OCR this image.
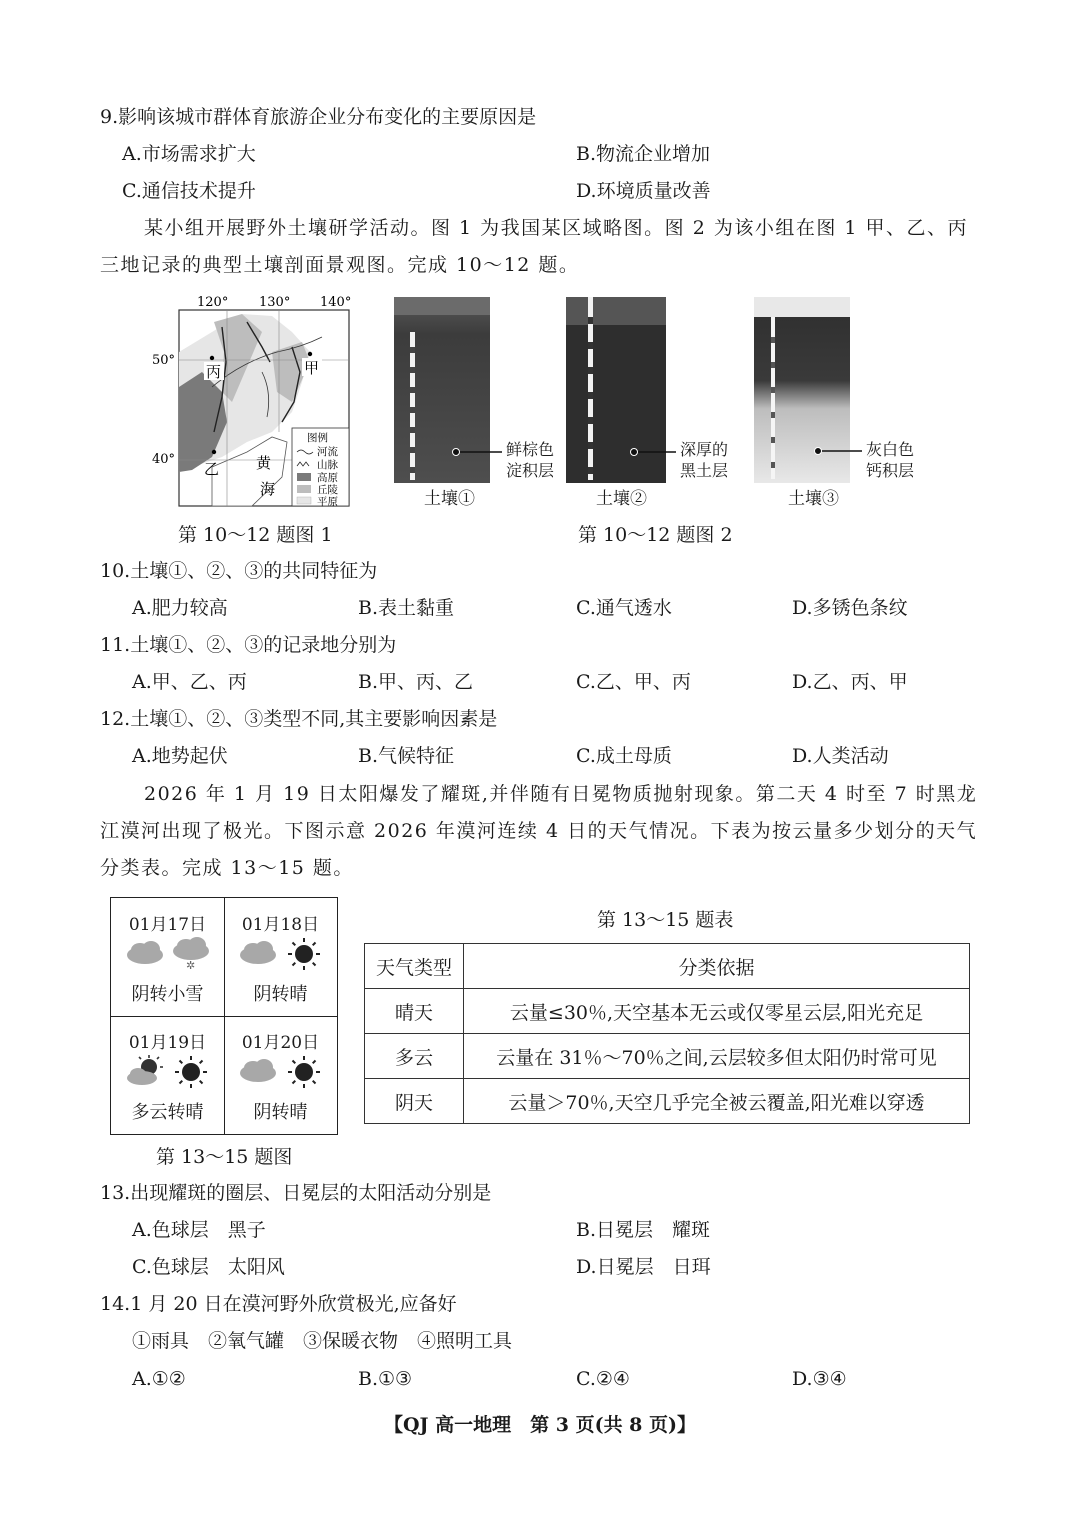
9.影响该城市群体育旅游企业分布变化的主要原因是
A.市场需求扩大	B.物流企业增加
C.通信技术提升	D.环境质量改善
某小组开展野外土壤研学活动。图 1 为我国某区域略图。图 2 为该小组在图 1 甲、乙、丙三地记录的典型土壤剖面景观图。完成 10～12 题。
120° 130° 140°
50°
40°
丙	甲
乙 黄
海
图例
河流
山脉
高原
丘陵
平原
第 10～12 题图 1
鲜棕色
淀积层
深厚的
黑土层
灰白色
钙积层
土壤①	土壤②	土壤③
第 10～12 题图 2
10.土壤①、②、③的共同特征为
A.肥力较高	B.表土黏重	C.通气透水	D.多锈色条纹
11.土壤①、②、③的记录地分别为
A.甲、乙、丙	B.甲、丙、乙	C.乙、甲、丙	D.乙、丙、甲
12.土壤①、②、③类型不同,其主要影响因素是
A.地势起伏	B.气候特征	C.成土母质	D.人类活动
2026 年 1 月 19 日太阳爆发了耀斑,并伴随有日冕物质抛射现象。第二天 4 时至 7 时黑龙江漠河出现了极光。下图示意 2026 年漠河连续 4 日的天气情况。下表为按云量多少划分的天气分类表。完成 13～15 题。
01月17日
✲
阴转小雪
01月18日
阴转晴
01月19日
多云转晴
01月20日
阴转晴
第 13～15 题图
第 13～15 题表
天气类型	分类依据
晴天	云量≤30％,天空基本无云或仅零星云层,阳光充足
多云	云量在 31％～70％之间,云层较多但太阳仍时常可见
阴天	云量＞70％,天空几乎完全被云覆盖,阳光难以穿透
13.出现耀斑的圈层、日冕层的太阳活动分别是
A.色球层　黑子	B.日冕层　耀斑
C.色球层　太阳风	D.日冕层　日珥
14.1 月 20 日在漠河野外欣赏极光,应备好
①雨具　②氧气罐　③保暖衣物　④照明工具
A.①②	B.①③	C.②④	D.③④
【QJ 高一地理　第 3 页(共 8 页)】
